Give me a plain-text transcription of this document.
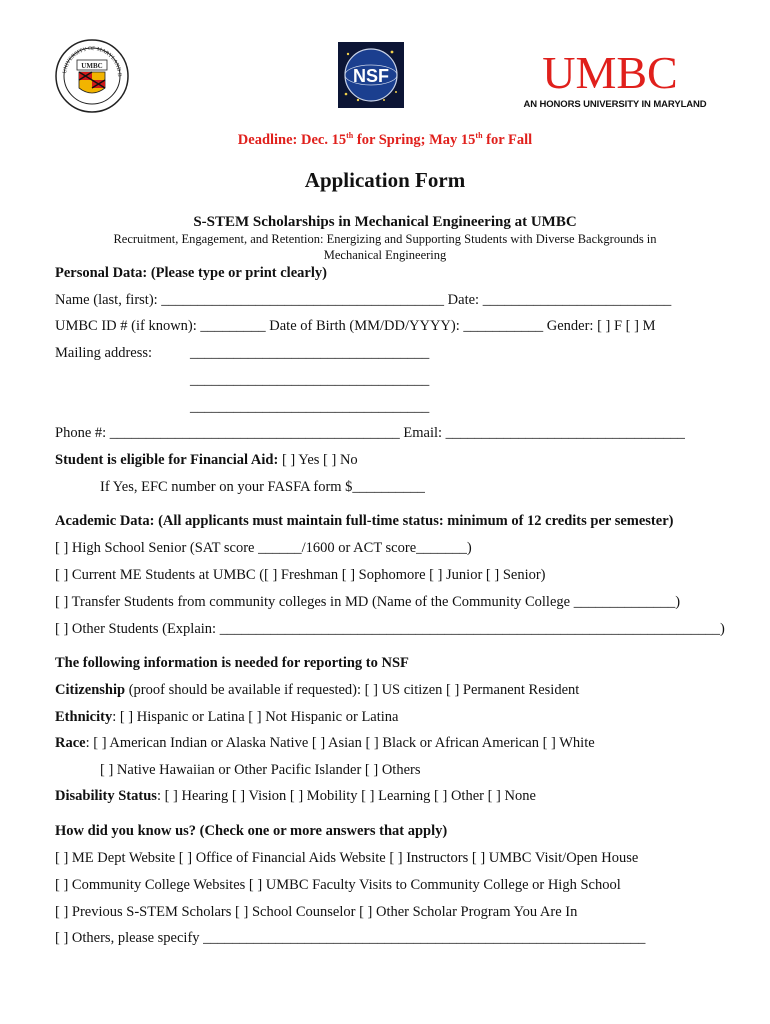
UNIVERSITY OF MARYLAND B
UMBC	NSF	UMBC
AN HONORS UNIVERSITY IN MARYLAND
Deadline: Dec. 15th for Spring; May 15th for Fall
Application Form
S-STEM Scholarships in Mechanical Engineering at UMBC
Recruitment, Engagement, and Retention: Energizing and Supporting Students with Diverse Backgrounds in
Mechanical Engineering
Personal Data: (Please type or print clearly)
Name (last, first): _______________________________________ Date: __________________________
UMBC ID # (if known): _________ Date of Birth (MM/DD/YYYY): ___________ Gender: [ ] F [ ] M
Mailing address:	_________________________________
_________________________________
_________________________________
Phone #: ________________________________________ Email: _________________________________
Student is eligible for Financial Aid: [ ] Yes [ ] No
If Yes, EFC number on your FASFA form $__________
Academic Data: (All applicants must maintain full-time status: minimum of 12 credits per semester)
[ ] High School Senior (SAT score ______/1600 or ACT score_______)
[ ] Current ME Students at UMBC ([ ] Freshman [ ] Sophomore [ ] Junior [ ] Senior)
[ ] Transfer Students from community colleges in MD (Name of the Community College ______________)
[ ] Other Students (Explain: _____________________________________________________________________)
The following information is needed for reporting to NSF
Citizenship (proof should be available if requested): [ ] US citizen [ ] Permanent Resident
Ethnicity: [ ] Hispanic or Latina [ ] Not Hispanic or Latina
Race: [ ] American Indian or Alaska Native [ ] Asian [ ] Black or African American [ ] White
[ ] Native Hawaiian or Other Pacific Islander [ ] Others
Disability Status: [ ] Hearing [ ] Vision [ ] Mobility [ ] Learning [ ] Other [ ] None
How did you know us? (Check one or more answers that apply)
[ ] ME Dept Website [ ] Office of Financial Aids Website [ ] Instructors [ ] UMBC Visit/Open House
[ ] Community College Websites [ ] UMBC Faculty Visits to Community College or High School
[ ] Previous S-STEM Scholars [ ] School Counselor [ ] Other Scholar Program You Are In
[ ] Others, please specify _____________________________________________________________
